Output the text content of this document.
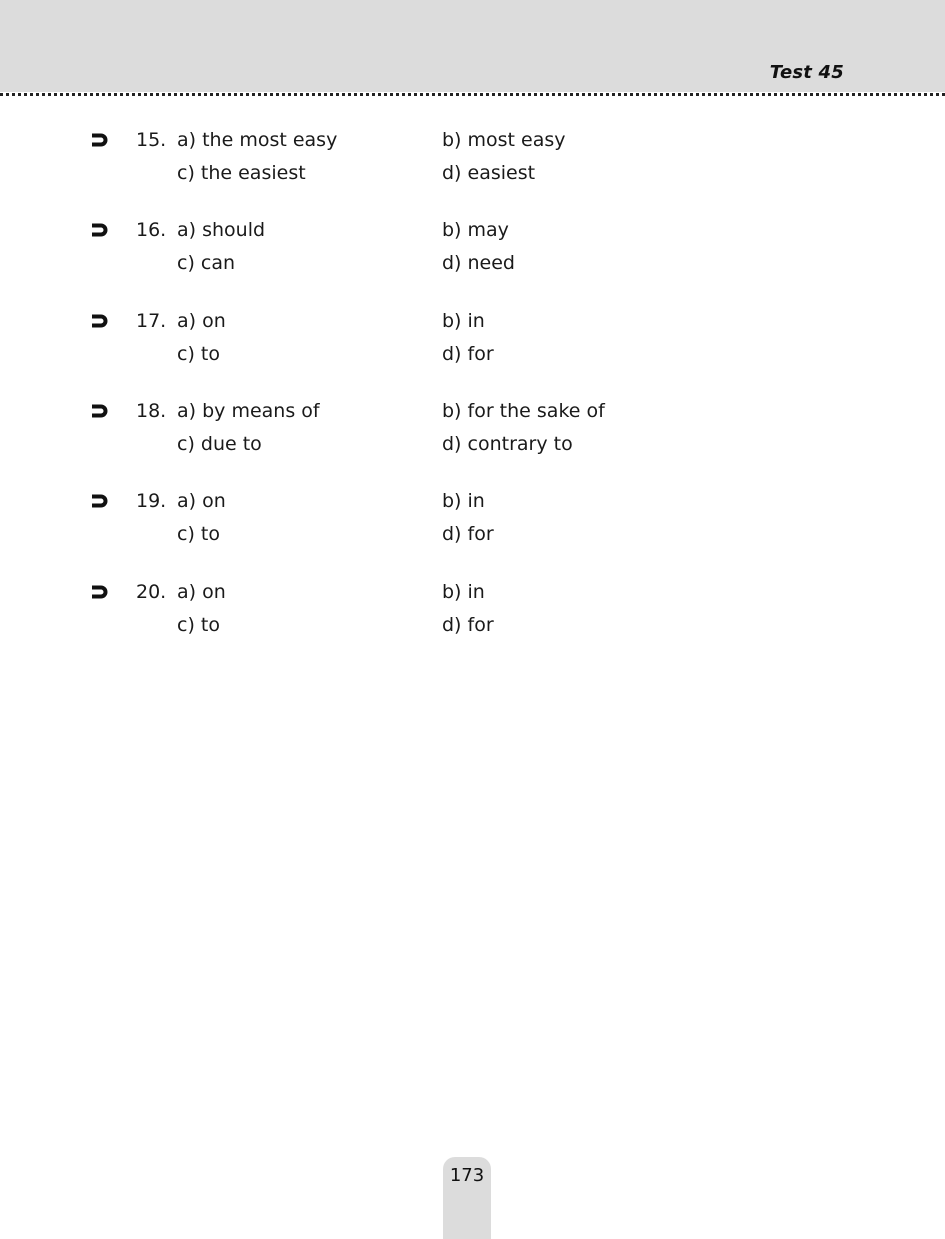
Test 45
15. a) the most easy	b) most easy
c) the easiest	d) easiest
16. a) should	b) may
c) can	d) need
17. a) on	b) in
c) to	d) for
18. a) by means of	b) for the sake of
c) due to	d) contrary to
19. a) on	b) in
c) to	d) for
20. a) on	b) in
c) to	d) for
173
